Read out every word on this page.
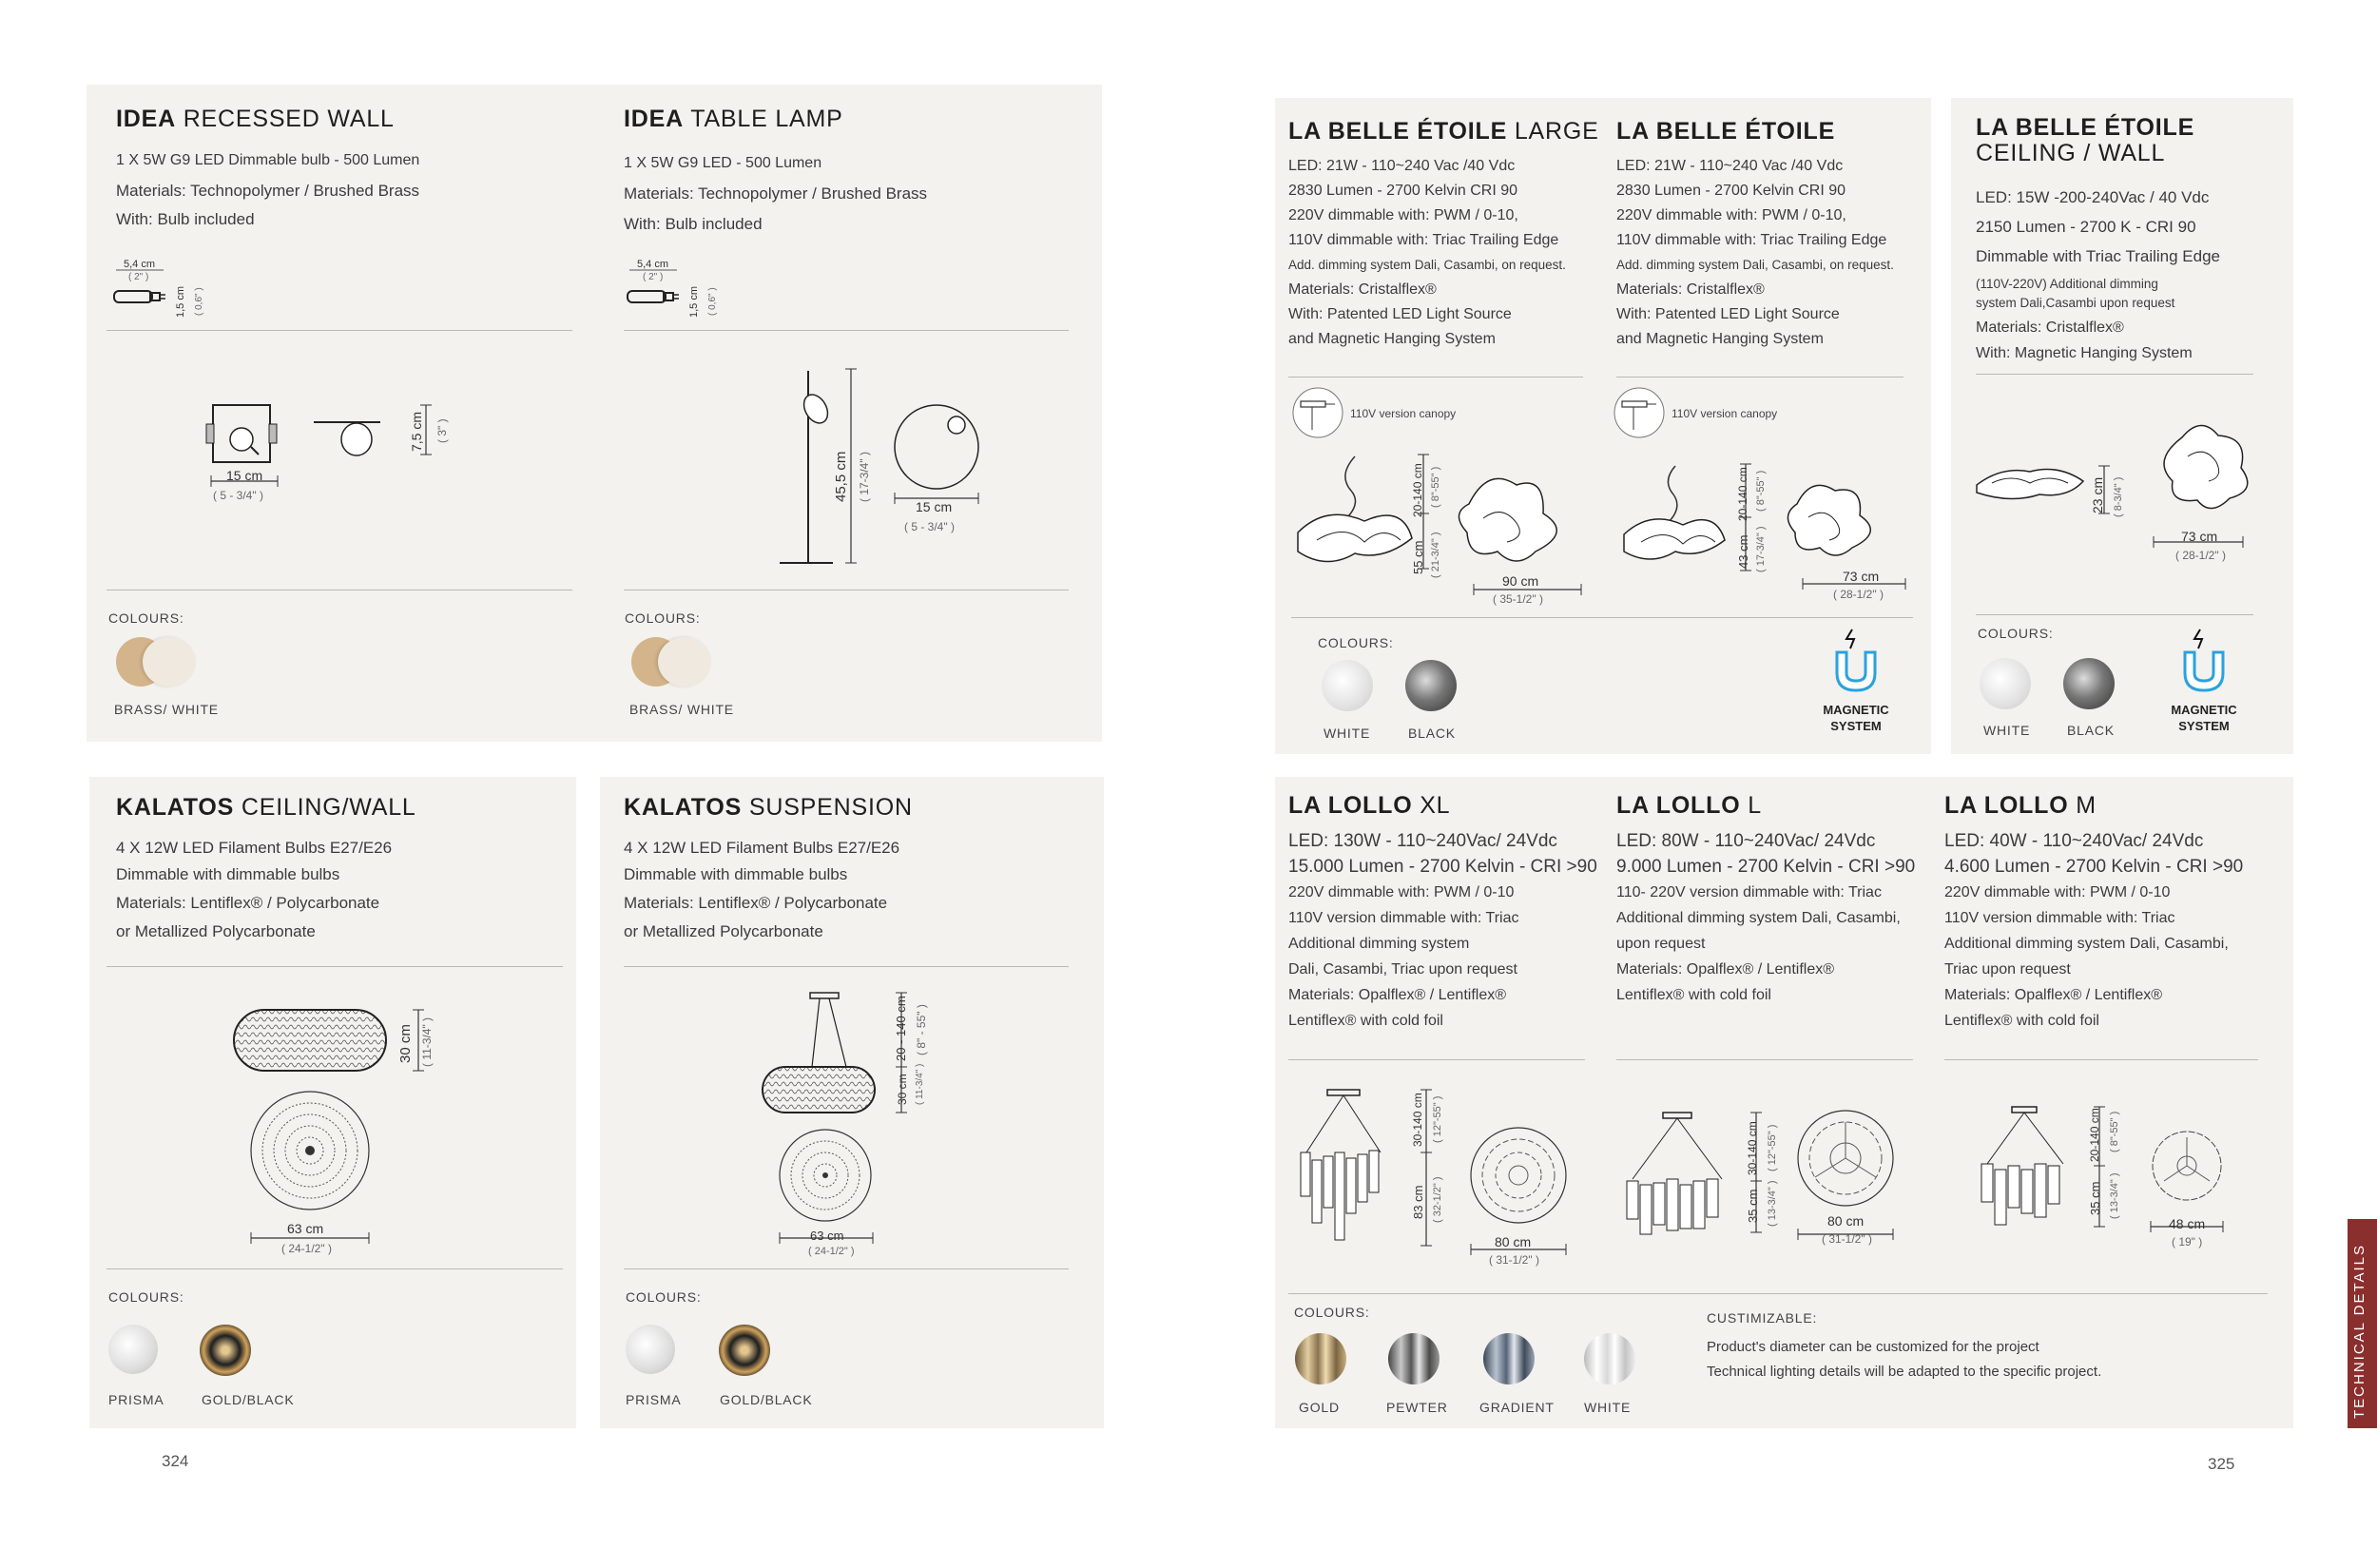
IDEA RECESSED WALL
1 X 5W G9 LED Dimmable bulb - 500 Lumen
Materials: Technopolymer / Brushed Brass
With: Bulb included
5,4 cm
( 2" )
1,5 cm ( 0,6" )
15 cm
( 5 - 3/4" )
7,5 cm ( 3" )
COLOURS:
BRASS/ WHITE
IDEA TABLE LAMP
1 X 5W G9 LED - 500 Lumen
Materials: Technopolymer / Brushed Brass
With: Bulb included
5,4 cm
( 2" )
1,5 cm ( 0,6" )
45,5 cm ( 17-3/4" )
15 cm
( 5 - 3/4" )
COLOURS:
BRASS/ WHITE
KALATOS CEILING/WALL
4 X 12W LED Filament Bulbs E27/E26
Dimmable with dimmable bulbs
Materials: Lentiflex® / Polycarbonate
or Metallized Polycarbonate
63 cm
( 24-1/2" )
30 cm ( 11-3/4" )
COLOURS:
PRISMA	GOLD/BLACK
KALATOS SUSPENSION
4 X 12W LED Filament Bulbs E27/E26
Dimmable with dimmable bulbs
Materials: Lentiflex® / Polycarbonate
or Metallized Polycarbonate
20 - 140 cm ( 8" - 55" )
30 cm ( 11-3/4" )
63 cm
( 24-1/2" )
COLOURS:
PRISMA	GOLD/BLACK
324
LA BELLE ÉTOILE LARGE
LED: 21W - 110~240 Vac /40 Vdc
2830 Lumen - 2700 Kelvin CRI 90
220V dimmable with: PWM / 0-10,
110V dimmable with: Triac Trailing Edge
Add. dimming system Dali, Casambi, on request.
Materials: Cristalflex®
With: Patented LED Light Source
and Magnetic Hanging System
110V version canopy
20-140 cm ( 8"-55" )
55 cm ( 21-3/4" )
90 cm
( 35-1/2" )
LA BELLE ÉTOILE
LED: 21W - 110~240 Vac /40 Vdc
2830 Lumen - 2700 Kelvin CRI 90
220V dimmable with: PWM / 0-10,
110V dimmable with: Triac Trailing Edge
Add. dimming system Dali, Casambi, on request.
Materials: Cristalflex®
With: Patented LED Light Source
and Magnetic Hanging System
110V version canopy
20-140 cm ( 8"-55" )
43 cm ( 17-3/4" )
73 cm
( 28-1/2" )
COLOURS:
WHITE	BLACK
MAGNETIC
SYSTEM
LA BELLE ÉTOILE
CEILING / WALL
LED: 15W -200-240Vac / 40 Vdc
2150 Lumen - 2700 K - CRI 90
Dimmable with Triac Trailing Edge
(110V-220V) Additional dimming
system Dali,Casambi upon request
Materials: Cristalflex®
With: Magnetic Hanging System
23 cm ( 8-3/4" )
73 cm
( 28-1/2" )
COLOURS:
WHITE	BLACK
MAGNETIC
SYSTEM
LA LOLLO XL
LED: 130W - 110~240Vac/ 24Vdc
15.000 Lumen - 2700 Kelvin - CRI >90
220V dimmable with: PWM / 0-10
110V version dimmable with: Triac
Additional dimming system
Dali, Casambi, Triac upon request
Materials: Opalflex® / Lentiflex®
Lentiflex® with cold foil
30-140 cm ( 12"-55" )
83 cm ( 32-1/2" )
80 cm
( 31-1/2" )
LA LOLLO L
LED: 80W - 110~240Vac/ 24Vdc
9.000 Lumen - 2700 Kelvin - CRI >90
110- 220V version dimmable with: Triac
Additional dimming system Dali, Casambi,
upon request
Materials: Opalflex® / Lentiflex®
Lentiflex® with cold foil
30-140 cm ( 12"-55" )
35 cm ( 13-3/4" )	80 cm
( 31-1/2" )
LA LOLLO M
LED: 40W - 110~240Vac/ 24Vdc
4.600 Lumen - 2700 Kelvin - CRI >90
220V dimmable with: PWM / 0-10
110V version dimmable with: Triac
Additional dimming system Dali, Casambi,
Triac upon request
Materials: Opalflex® / Lentiflex®
Lentiflex® with cold foil
20-140 cm ( 8"-55" )
35 cm ( 13-3/4" )
48 cm
( 19" )
COLOURS:
GOLD	PEWTER GRADIENT WHITE
CUSTIMIZABLE:
Product's diameter can be customized for the project
Technical lighting details will be adapted to the specific project.
325
TECHNICAL DETAILS
